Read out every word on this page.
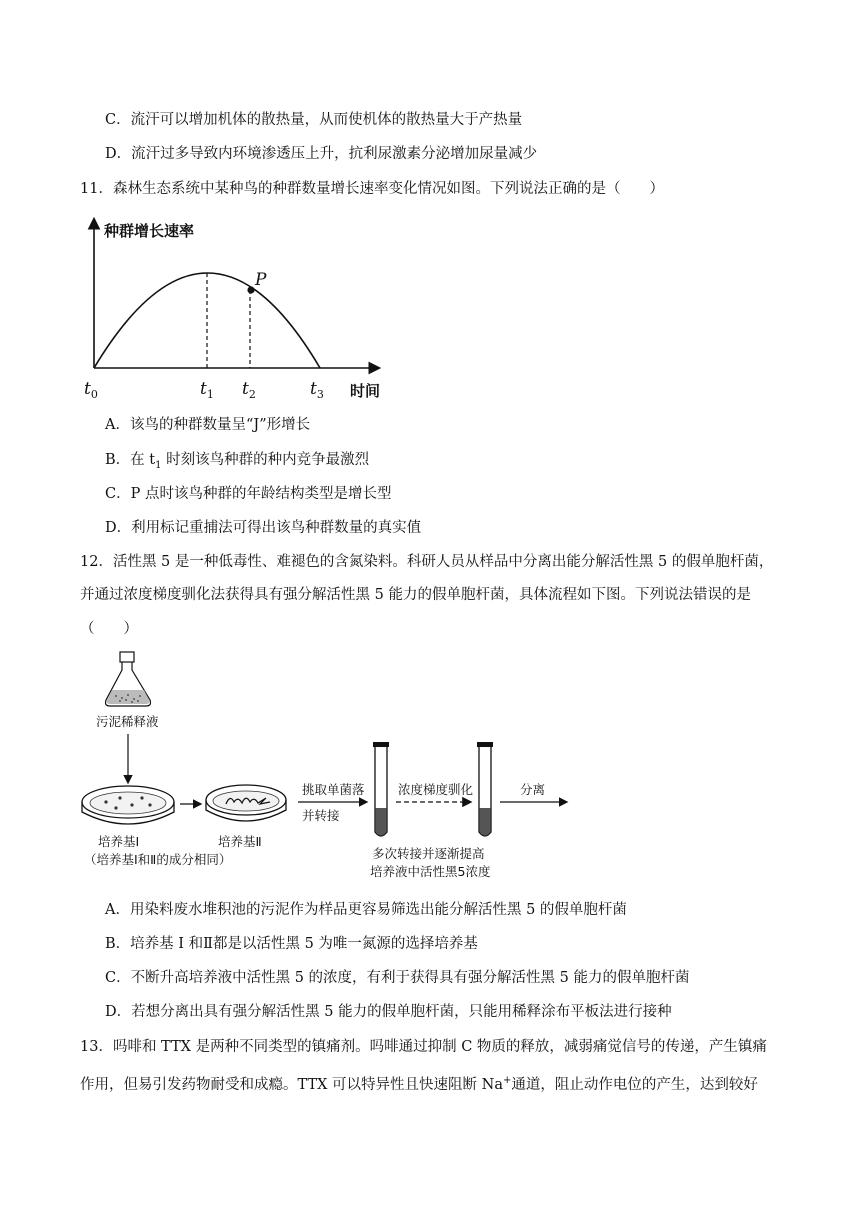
C．流汗可以增加机体的散热量，从而使机体的散热量大于产热量
D．流汗过多导致内环境渗透压上升，抗利尿激素分泌增加尿量减少
11．森林生态系统中某种鸟的种群数量增长速率变化情况如图。下列说法正确的是（　　）
种群增长速率
时间
P
$t_0$	$t_1$ $t_2$	$t_3$
A．该鸟的种群数量呈“J”形增长
B．在 $t_1$ 时刻该鸟种群的种内竞争最激烈
C．P 点时该鸟种群的年龄结构类型是增长型
D．利用标记重捕法可得出该鸟种群数量的真实值
12．活性黑 5 是一种低毒性、难褪色的含氮染料。科研人员从样品中分离出能分解活性黑 5 的假单胞杆菌，
并通过浓度梯度驯化法获得具有强分解活性黑 5 能力的假单胞杆菌，具体流程如下图。下列说法错误的是
（　　）
污泥稀释液
培养基Ⅰ
（培养基Ⅰ和Ⅱ的成分相同）
培养基Ⅱ
挑取单菌落
并转接
浓度梯度驯化	分离
多次转接并逐渐提高
培养液中活性黑5浓度
A．用染料废水堆积池的污泥作为样品更容易筛选出能分解活性黑 5 的假单胞杆菌
B．培养基 I 和Ⅱ都是以活性黑 5 为唯一氮源的选择培养基
C．不断升高培养液中活性黑 5 的浓度，有利于获得具有强分解活性黑 5 能力的假单胞杆菌
D．若想分离出具有强分解活性黑 5 能力的假单胞杆菌，只能用稀释涂布平板法进行接种
13．吗啡和 TTX 是两种不同类型的镇痛剂。吗啡通过抑制 C 物质的释放，减弱痛觉信号的传递，产生镇痛
作用，但易引发药物耐受和成瘾。TTX 可以特异性且快速阻断 Na+通道，阻止动作电位的产生，达到较好
